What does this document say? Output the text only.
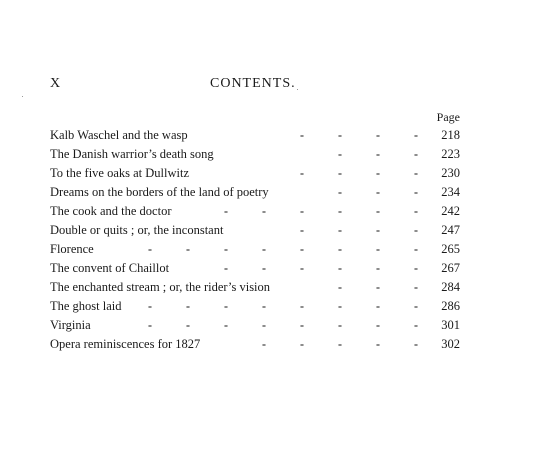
X	CONTENTS.
Page
Kalb Waschel and the wasp	-	-	-	-	218
The Danish warrior’s death song	-	-	-	223
To the five oaks at Dullwitz	-	-	-	-	230
Dreams on the borders of the land of poetry	-	-	-	234
The cook and the doctor	-	-	-	-	-	-	242
Double or quits ; or, the inconstant	-	-	-	-	247
Florence	-	-	-	-	-	-	-	-	265
The convent of Chaillot	-	-	-	-	-	-	267
The enchanted stream ; or, the rider’s vision	-	-	-	284
The ghost laid	-	-	-	-	-	-	-	-	286
Virginia	-	-	-	-	-	-	-	-	301
Opera reminiscences for 1827	-	-	-	-	-	302
